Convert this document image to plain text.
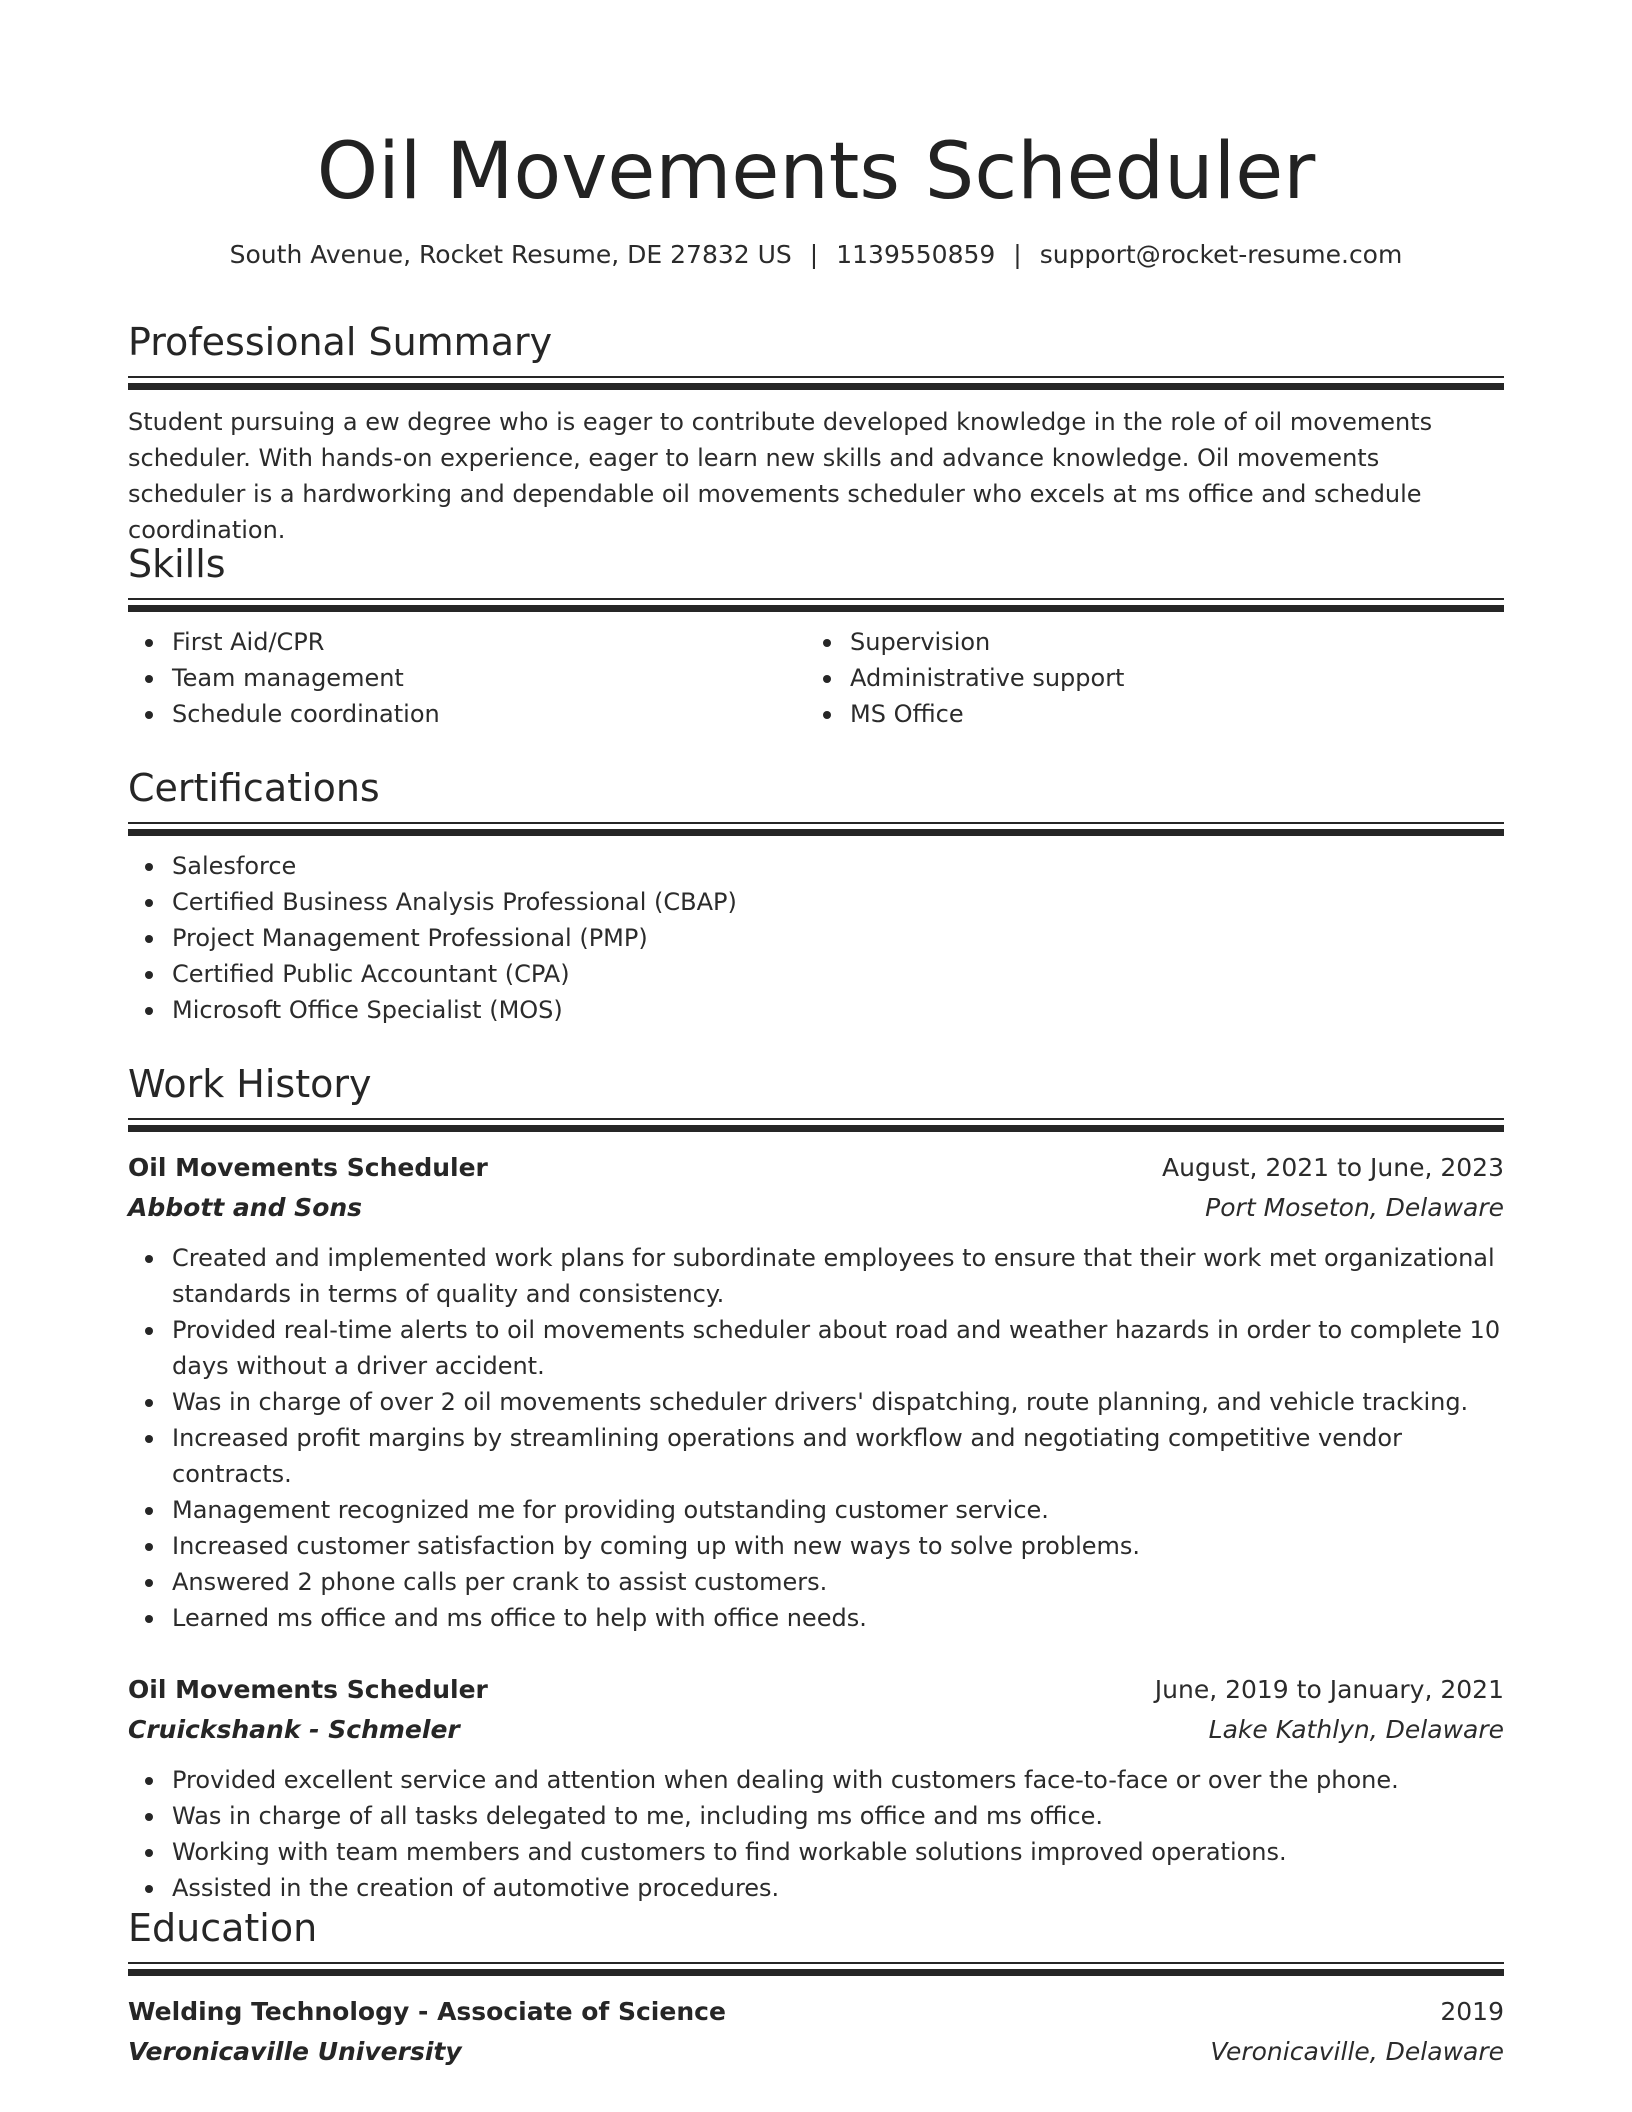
Oil Movements Scheduler
South Avenue, Rocket Resume, DE 27832 US | 1139550859 | support@rocket-resume.com
Professional Summary
Student pursuing a ew degree who is eager to contribute developed knowledge in the role of oil movements scheduler. With hands-on experience, eager to learn new skills and advance knowledge. Oil movements scheduler is a hardworking and dependable oil movements scheduler who excels at ms office and schedule coordination.
Skills
First Aid/CPR
Team management
Schedule coordination
Supervision
Administrative support
MS Office
Certifications
Salesforce
Certified Business Analysis Professional (CBAP)
Project Management Professional (PMP)
Certified Public Accountant (CPA)
Microsoft Office Specialist (MOS)
Work History
Oil Movements Scheduler	August, 2021 to June, 2023
Abbott and Sons	Port Moseton, Delaware
Created and implemented work plans for subordinate employees to ensure that their work met organizational standards in terms of quality and consistency.
Provided real-time alerts to oil movements scheduler about road and weather hazards in order to complete 10 days without a driver accident.
Was in charge of over 2 oil movements scheduler drivers' dispatching, route planning, and vehicle tracking.
Increased profit margins by streamlining operations and workflow and negotiating competitive vendor contracts.
Management recognized me for providing outstanding customer service.
Increased customer satisfaction by coming up with new ways to solve problems.
Answered 2 phone calls per crank to assist customers.
Learned ms office and ms office to help with office needs.
Oil Movements Scheduler	June, 2019 to January, 2021
Cruickshank - Schmeler	Lake Kathlyn, Delaware
Provided excellent service and attention when dealing with customers face-to-face or over the phone.
Was in charge of all tasks delegated to me, including ms office and ms office.
Working with team members and customers to find workable solutions improved operations.
Assisted in the creation of automotive procedures.
Education
Welding Technology - Associate of Science	2019
Veronicaville University	Veronicaville, Delaware
